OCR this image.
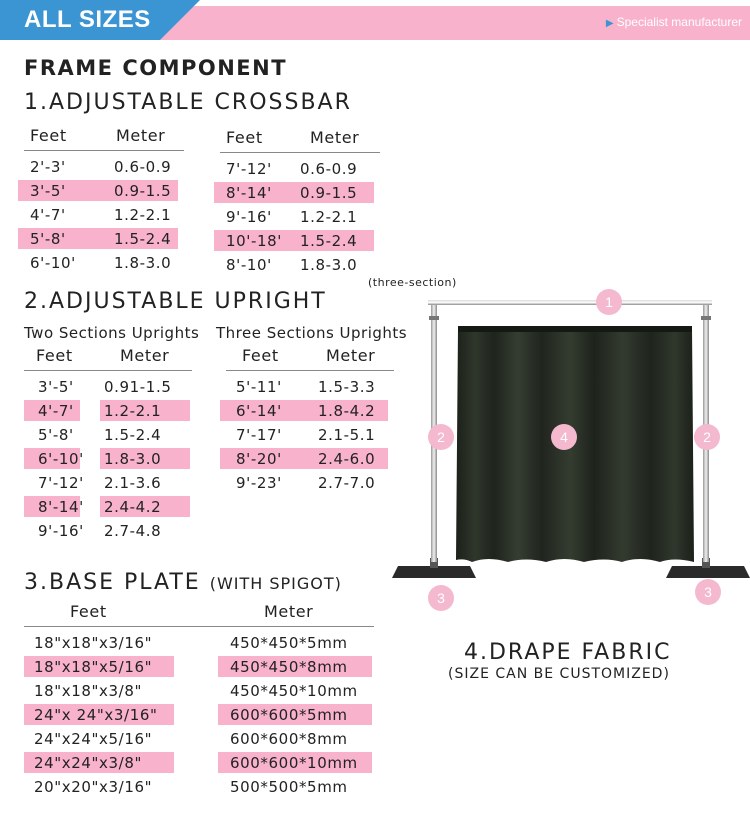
ALL SIZES	▶ Specialist manufacturer
FRAME COMPONENT
1.ADJUSTABLE CROSSBAR
2.ADJUSTABLE UPRIGHT
3.BASE PLATE (WITH SPIGOT)
Two Sections Uprights Three Sections Uprights
Feet	Meter
2'-3'	0.6-0.9
3'-5'	0.9-1.5
4'-7'	1.2-2.1
5'-8'	1.5-2.4
6'-10'	1.8-3.0
Feet	Meter
7'-12' 0.6-0.9
8'-14' 0.9-1.5
9'-16' 1.2-2.1
10'-18' 1.5-2.4
8'-10' 1.8-3.0
Feet	Meter
3'-5' 0.91-1.5
4'-7' 1.2-2.1
5'-8' 1.5-2.4
6'-10' 1.8-3.0
7'-12' 2.1-3.6
8'-14' 2.4-4.2
9'-16' 2.7-4.8
Feet	Meter
5'-11' 1.5-3.3
6'-14' 1.8-4.2
7'-17' 2.1-5.1
8'-20' 2.4-6.0
9'-23' 2.7-7.0
Feet	Meter
18"x18"x3/16"	450*450*5mm
18"x18"x5/16"	450*450*8mm
18"x18"x3/8"	450*450*10mm
24"x 24"x3/16"	600*600*5mm
24"x24"x5/16"	600*600*8mm
24"x24"x3/8"	600*600*10mm
20"x20"x3/16"	500*500*5mm
(three-section)
1
2	2
4
3	3
4.DRAPE FABRIC
(SIZE CAN BE CUSTOMIZED)
